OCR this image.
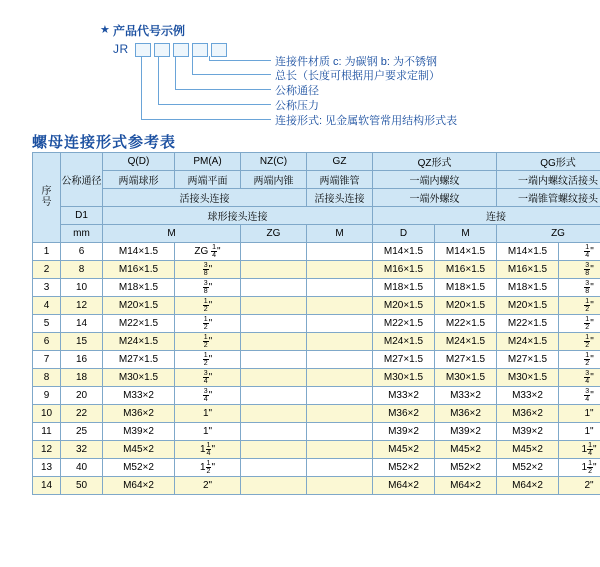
★ 产品代号示例
JR
连接件材质 c: 为碳钢 b: 为不锈钢
总长（长度可根据用户要求定制）
公称通径
公称压力
连接形式: 见金属软管常用结构形式表
螺母连接形式参考表
序
号	公称通径	Q(D)	PM(A)	NZ(C)	GZ	QZ形式		QG形式	
		两端球形	两端平面	两端内锥	两端锥管	一端内螺纹		一端内螺纹活接头	
		活接头连接			活接头连接	一端外螺纹		一端锥管螺纹接头	
	D1	球形接头连接				连接			
	mm	M		ZG	M	D	M	ZG	
1	6	M14×1.5	ZG $\frac{1}{4}$ "			M14×1.5	M14×1.5	M14×1.5	$\frac{1}{4}$ "
2	8	M16×1.5	$\frac{3}{8}$ "			M16×1.5	M16×1.5	M16×1.5	$\frac{3}{8}$ "
3	10	M18×1.5	$\frac{3}{8}$ "			M18×1.5	M18×1.5	M18×1.5	$\frac{3}{8}$ "
4	12	M20×1.5	$\frac{1}{2}$ "			M20×1.5	M20×1.5	M20×1.5	$\frac{1}{2}$ "
5	14	M22×1.5	$\frac{1}{2}$ "			M22×1.5	M22×1.5	M22×1.5	$\frac{1}{2}$ "
6	15	M24×1.5	$\frac{1}{2}$ "			M24×1.5	M24×1.5	M24×1.5	$\frac{1}{2}$ "
7	16	M27×1.5	$\frac{1}{2}$ "			M27×1.5	M27×1.5	M27×1.5	$\frac{1}{2}$ "
8	18	M30×1.5	$\frac{3}{4}$ "			M30×1.5	M30×1.5	M30×1.5	$\frac{3}{4}$ "
9	20	M33×2	$\frac{3}{4}$ "			M33×2	M33×2	M33×2	$\frac{3}{4}$ "
10	22	M36×2	1"			M36×2	M36×2	M36×2	1"
11	25	M39×2	1"			M39×2	M39×2	M39×2	1"
12	32	M45×2	$1 \frac{1}{4}$ "			M45×2	M45×2	M45×2	$1 \frac{1}{4}$ "
13	40	M52×2	$1 \frac{1}{2}$ "			M52×2	M52×2	M52×2	$1 \frac{1}{2}$ "
14	50	M64×2	2"			M64×2	M64×2	M64×2	2"
